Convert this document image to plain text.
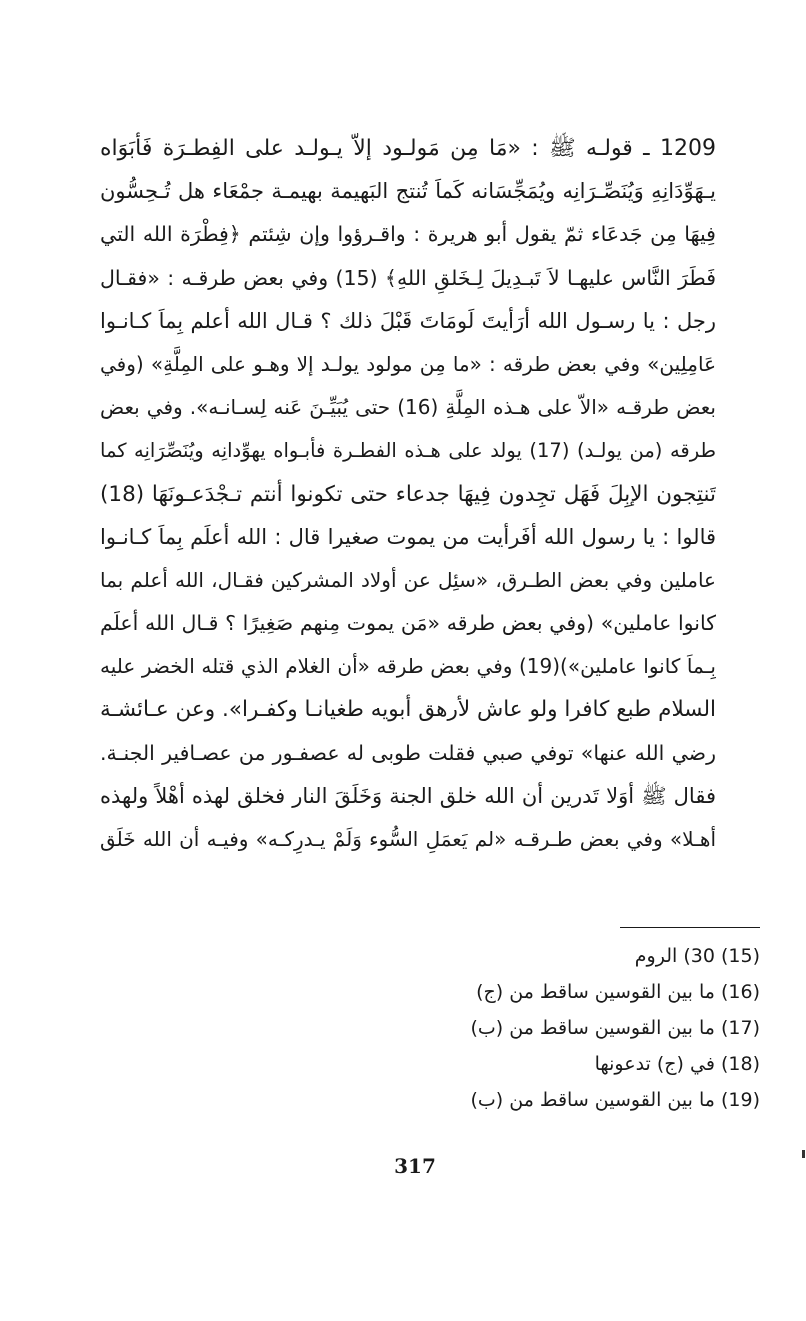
1209 ـ قولـه ﷺ : «مَا مِن مَولـود إلاّ يـولـد على الفِطـرَة فَأبَوَاه
يـهَوِّدَانِهِ وَيُنَصِّـرَانِه ويُمَجِّسَانه كَماَ تُنتج البَهيمة بهيمـة جمْعَاء هل تُـحِسُّون
فِيهَا مِن جَدعَاء ثمّ يقول أبو هريرة : واقـرؤوا وإن شِئتم ﴿فِطْرَة الله التي
فَطَرَ النَّاس عليهـا لاَ تَبـدِيلَ لِـخَلقِ اللهِ﴾ (15) وفي بعض طرقـه : «فقـال
رجل : يا رسـول الله أرَأيتَ لَومَاتَ قَبْلَ ذلك ؟ قـال الله أعلم بِماَ كـانـوا
عَامِلِين» وفي بعض طرقه : «ما مِن مولود يولـد إلا وهـو على المِلَّةِ» (وفي
بعض طرقـه «الاّ على هـذه المِلَّةِ (16) حتى يُبَيِّـنَ عَنه لِسـانـه». وفي بعض
طرقه (من يولـد) (17) يولد على هـذه الفطـرة فأبـواه يهوِّدانِه ويُنَصِّرَانِه كما
تَنتِجون الإبِلَ فَهَل تجِدون فِيهَا جدعاء حتى تكونوا أنتم تـجْدَعـونَهَا (18)
قالوا : يا رسول الله أفَرأيت من يموت صغيرا قال : الله أعلَم بِماَ كـانـوا
عاملين وفي بعض الطـرق، «سئِل عن أولاد المشركين فقـال، الله أعلم بما
كانوا عاملين» (وفي بعض طرقه «مَن يموت مِنهم صَغِيرًا ؟ قـال الله أعلَم
بِـماَ كانوا عاملين»)(19) وفي بعض طرقه «أن الغلام الذي قتله الخضر عليه
السلام طبع كافرا ولو عاش لأرهق أبويه طغيانـا وكفـرا». وعن عـائشـة
رضي الله عنها» توفي صبي فقلت طوبى له عصفـور من عصـافير الجنـة.
فقال ﷺ أوَلا تَدرين أن الله خلق الجنة وَخَلَقَ النار فخلق لهذه أهْلاً ولهذه
أهـلا» وفي بعض طـرقـه «لم يَعمَلِ السُّوء وَلَمْ يـدرِكـه» وفيـه أن الله خَلَق
(15) 30) الروم
(16) ما بين القوسين ساقط من (ج)
(17) ما بين القوسين ساقط من (ب)
(18) في (ج) تدعونها
(19) ما بين القوسين ساقط من (ب)
317
